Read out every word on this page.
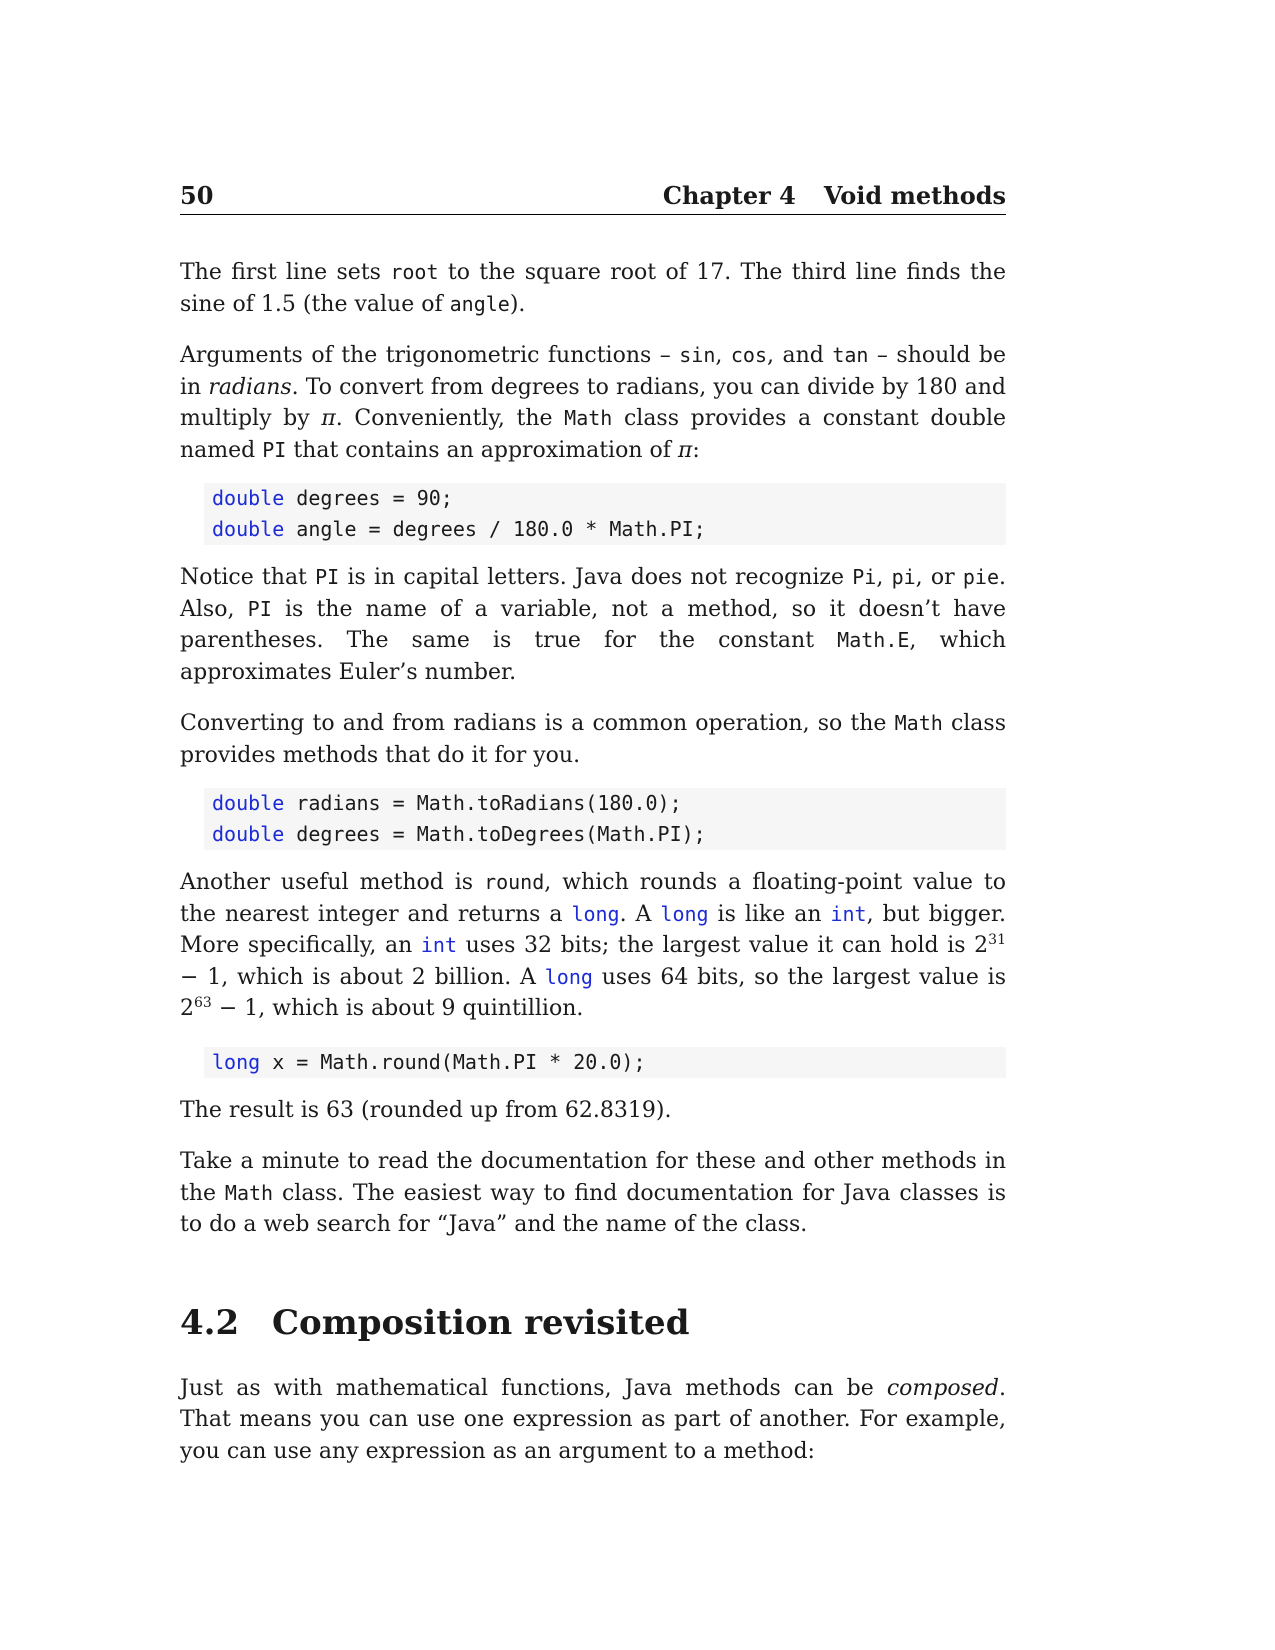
50	Chapter 4 Void methods

The first line sets root to the square root of 17. The third line finds the sine of 1.5 (the value of angle).

Arguments of the trigonometric functions – sin, cos, and tan – should be in radians. To convert from degrees to radians, you can divide by 180 and multiply by π. Conveniently, the Math class provides a constant double named PI that contains an approximation of π:

double degrees = 90;
double angle = degrees / 180.0 * Math.PI;

Notice that PI is in capital letters. Java does not recognize Pi, pi, or pie. Also, PI is the name of a variable, not a method, so it doesn’t have parentheses. The same is true for the constant Math.E, which approximates Euler’s number.

Converting to and from radians is a common operation, so the Math class provides methods that do it for you.

double radians = Math.toRadians(180.0);
double degrees = Math.toDegrees(Math.PI);

Another useful method is round, which rounds a floating-point value to the nearest integer and returns a long. A long is like an int, but bigger. More specifically, an int uses 32 bits; the largest value it can hold is $2^{31} - 1$, which is about 2 billion. A long uses 64 bits, so the largest value is $2^{63} - 1$, which is about 9 quintillion.

long x = Math.round(Math.PI * 20.0);

The result is 63 (rounded up from 62.8319).

Take a minute to read the documentation for these and other methods in the Math class. The easiest way to find documentation for Java classes is to do a web search for “Java” and the name of the class.

4.2 Composition revisited

Just as with mathematical functions, Java methods can be composed. That means you can use one expression as part of another. For example, you can use any expression as an argument to a method:
